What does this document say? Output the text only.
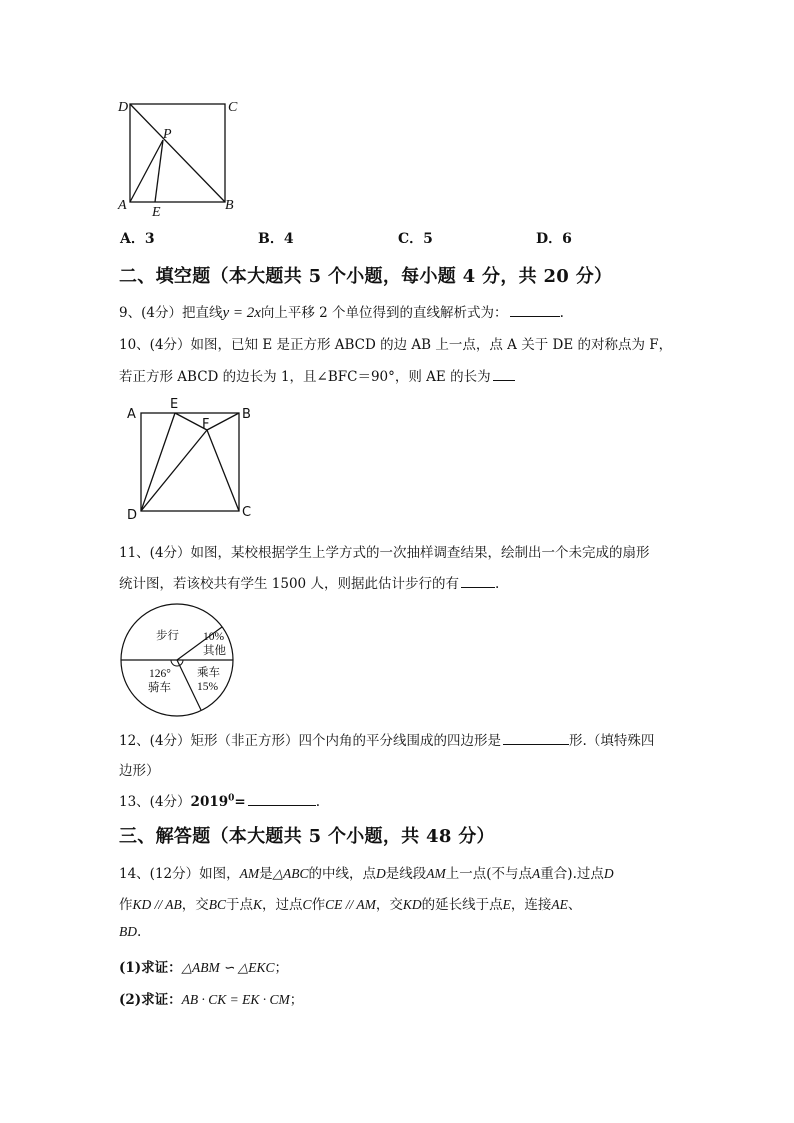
D	C
P
A E	B
A．3	B．4	C．5	D．6
二、填空题（本大题共 5 个小题，每小题 4 分，共 20 分）
9、(4分）把直线y = 2x向上平移 2 个单位得到的直线解析式为：	.
10、(4分）如图，已知 E 是正方形 ABCD 的边 AB 上一点，点 A 关于 DE 的对称点为 F，
若正方形 ABCD 的边长为 1，且∠BFC＝90°，则 AE 的长为
A
E
B
F
D	C
11、(4分）如图，某校根据学生上学方式的一次抽样调查结果，绘制出一个未完成的扇形
统计图，若该校共有学生 1500 人，则据此估计步行的有	.
步行 10%
其他
乘车
15%
126°
骑车
12、(4分）矩形（非正方形）四个内角的平分线围成的四边形是	形.（填特殊四
边形）
13、(4分）$2019^0=$	.
三、解答题（本大题共 5 个小题，共 48 分）
14、(12分）如图，AM是△ABC的中线，点D是线段AM上一点(不与点A重合).过点D
作KD // AB，交BC于点K，过点C作CE // AM，交KD的延长线于点E，连接AE、
BD.
(1)求证：△ABM ∽ △EKC；
(2)求证：AB · CK = EK · CM；
